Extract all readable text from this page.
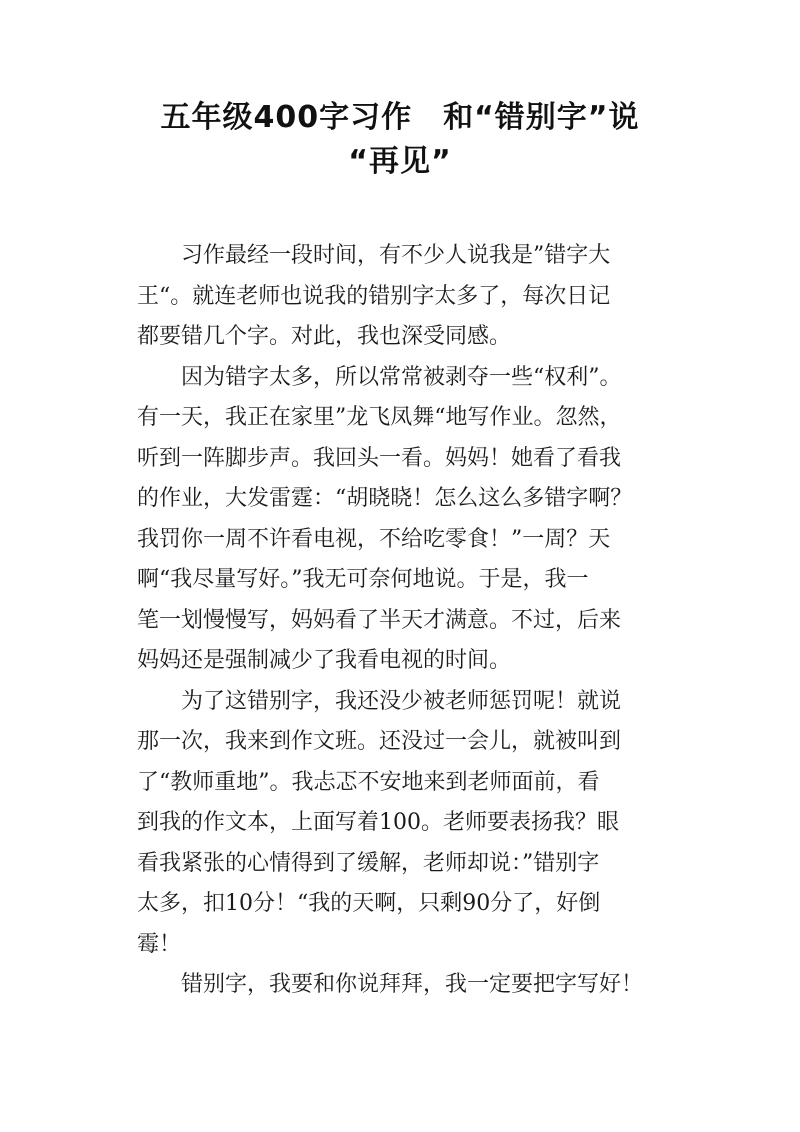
五年级400字习作　和“错别字”说
“再见”
习作最经一段时间，有不少人说我是”错字大
王“。就连老师也说我的错别字太多了，每次日记
都要错几个字。对此，我也深受同感。
因为错字太多，所以常常被剥夺一些“权利”。
有一天，我正在家里”龙飞凤舞“地写作业。忽然，
听到一阵脚步声。我回头一看。妈妈！她看了看我
的作业，大发雷霆：“胡晓晓！怎么这么多错字啊？
我罚你一周不许看电视，不给吃零食！”一周？天
啊“我尽量写好。”我无可奈何地说。于是，我一
笔一划慢慢写，妈妈看了半天才满意。不过，后来
妈妈还是强制减少了我看电视的时间。
为了这错别字，我还没少被老师惩罚呢！就说
那一次，我来到作文班。还没过一会儿，就被叫到
了“教师重地”。我忐忑不安地来到老师面前，看
到我的作文本，上面写着100。老师要表扬我？眼
看我紧张的心情得到了缓解，老师却说：”错别字
太多，扣10分！“我的天啊，只剩90分了，好倒
霉！
错别字，我要和你说拜拜，我一定要把字写好！
